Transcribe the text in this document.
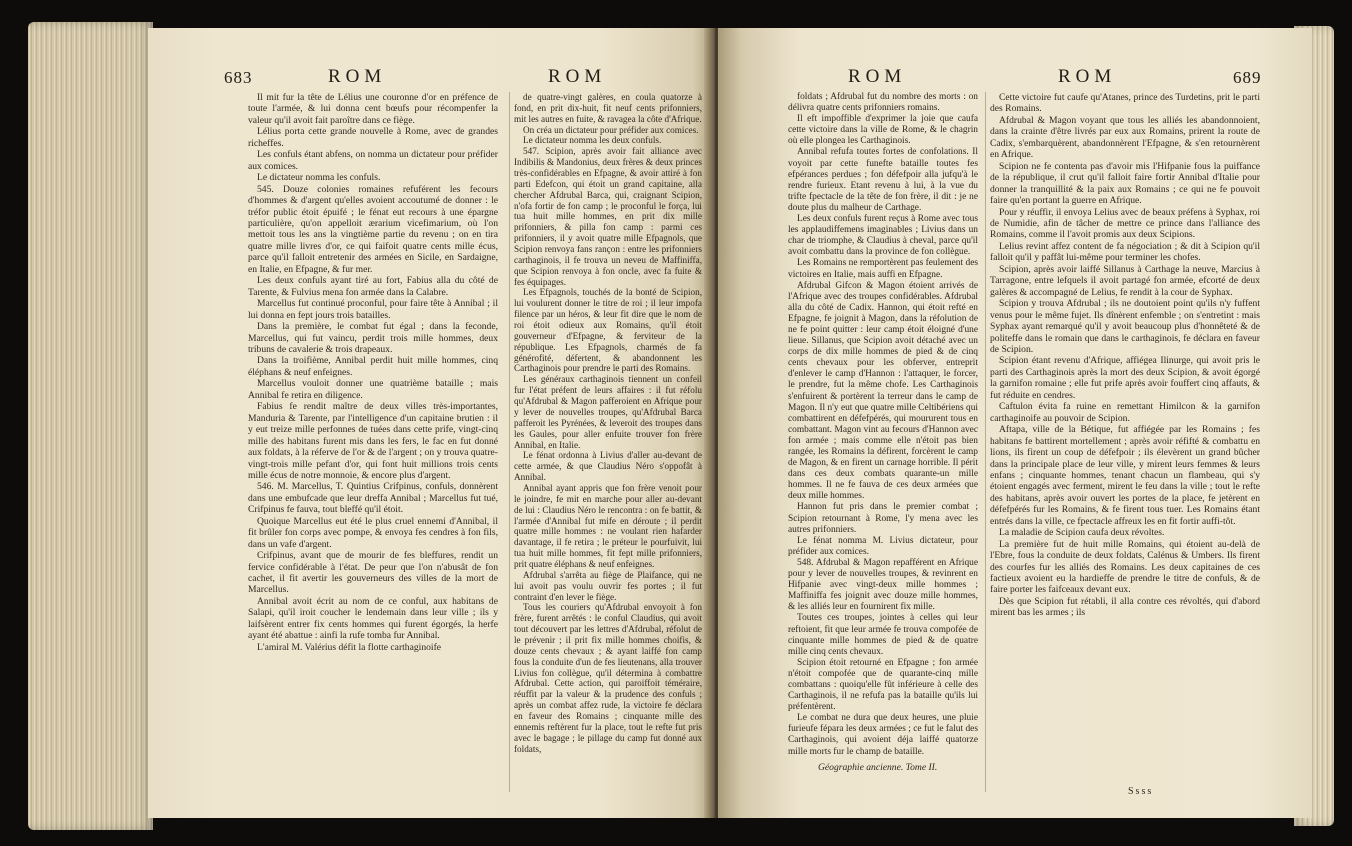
683	ROM	ROM

Il mit fur la tête de Lélius une couronne d'or en préfence de toute l'armée, & lui donna cent bœufs pour récompenfer la valeur qu'il avoit fait paroître dans ce fiège.

Lélius porta cette grande nouvelle à Rome, avec de grandes richeffes.

Les confuls étant abfens, on nomma un dictateur pour préfider aux comices.

Le dictateur nomma les confuls.

545. Douze colonies romaines refuférent les fecours d'hommes & d'argent qu'elles avoient accoutumé de donner : le tréfor public étoit épuifé ; le fénat eut recours à une épargne particulière, qu'on appelloit ærarium vicefimarium, où l'on mettoit tous les ans la vingtième partie du revenu ; on en tira quatre mille livres d'or, ce qui faifoit quatre cents mille écus, parce qu'il falloit entretenir des armées en Sicile, en Sardaigne, en Italie, en Efpagne, & fur mer.

Les deux confuls ayant tiré au fort, Fabius alla du côté de Tarente, & Fulvius mena fon armée dans la Calabre.

Marcellus fut continué proconful, pour faire tête à Annibal ; il lui donna en fept jours trois batailles.

Dans la première, le combat fut égal ; dans la feconde, Marcellus, qui fut vaincu, perdit trois mille hommes, deux tribuns de cavalerie & trois drapeaux.

Dans la troifième, Annibal perdit huit mille hommes, cinq éléphans & neuf enfeignes.

Marcellus vouloit donner une quatrième bataille ; mais Annibal fe retira en diligence.

Fabius fe rendit maître de deux villes très-importantes, Manduria & Tarente, par l'intelligence d'un capitaine brutien : il y eut treize mille perfonnes de tuées dans cette prife, vingt-cinq mille des habitans furent mis dans les fers, le fac en fut donné aux foldats, à la réferve de l'or & de l'argent ; on y trouva quatre-vingt-trois mille pefant d'or, qui font huit millions trois cents mille écus de notre monnoie, & encore plus d'argent.

546. M. Marcellus, T. Quintius Crifpinus, confuls, donnèrent dans une embufcade que leur dreffa Annibal ; Marcellus fut tué, Crifpinus fe fauva, tout bleffé qu'il étoit.

Quoique Marcellus eut été le plus cruel ennemi d'Annibal, il fit brûler fon corps avec pompe, & envoya fes cendres à fon fils, dans un vafe d'argent.

Crifpinus, avant que de mourir de fes bleffures, rendit un fervice confidérable à l'état. De peur que l'on n'abusât de fon cachet, il fit avertir les gouverneurs des villes de la mort de Marcellus.

Annibal avoit écrit au nom de ce conful, aux habitans de Salapi, qu'il iroit coucher le lendemain dans leur ville ; ils y laifsèrent entrer fix cents hommes qui furent égorgés, la herfe ayant été abattue : ainfi la rufe tomba fur Annibal.

L'amiral M. Valérius défit la flotte carthaginoife

de quatre-vingt galères, en coula quatorze à fond, en prit dix-huit, fit neuf cents prifonniers, mit les autres en fuite, & ravagea la côte d'Afrique.

On créa un dictateur pour préfider aux comices.

Le dictateur nomma les deux confuls.

547. Scipion, après avoir fait alliance avec Indibilis & Mandonius, deux frères & deux princes très-confidérables en Efpagne, & avoir attiré à fon parti Edefcon, qui étoit un grand capitaine, alla chercher Afdrubal Barca, qui, craignant Scipion, n'ofa fortir de fon camp ; le proconful le força, lui tua huit mille hommes, en prit dix mille prifonniers, & pilla fon camp : parmi ces prifonniers, il y avoit quatre mille Efpagnols, que Scipion renvoya fans rançon : entre les prifonniers carthaginois, il fe trouva un neveu de Maffiniffa, que Scipion renvoya à fon oncle, avec fa fuite & fes équipages.

Les Efpagnols, touchés de la bonté de Scipion, lui voulurent donner le titre de roi ; il leur impofa filence par un héros, & leur fit dire que le nom de roi étoit odieux aux Romains, qu'il étoit gouverneur d'Efpagne, & ferviteur de la république. Les Efpagnols, charmés de fa générofité, défertent, & abandonnent les Carthaginois pour prendre le parti des Romains.

Les généraux carthaginois tiennent un confeil fur l'état préfent de leurs affaires : il fut réfolu qu'Afdrubal & Magon pafferoient en Afrique pour y lever de nouvelles troupes, qu'Afdrubal Barca pafferoit les Pyrénées, & leveroit des troupes dans les Gaules, pour aller enfuite trouver fon frère Annibal, en Italie.

Le fénat ordonna à Livius d'aller au-devant de cette armée, & que Claudius Néro s'oppofât à Annibal.

Annibal ayant appris que fon frère venoit pour le joindre, fe mit en marche pour aller au-devant de lui : Claudius Néro le rencontra : on fe battit, & l'armée d'Annibal fut mife en déroute ; il perdit quatre mille hommes : ne voulant rien hafarder davantage, il fe retira ; le préteur le pourfuivit, lui tua huit mille hommes, fit fept mille prifonniers, prit quatre éléphans & neuf enfeignes.

Afdrubal s'arrêta au fiège de Plaifance, qui ne lui avoit pas voulu ouvrir fes portes ; il fut contraint d'en lever le fiège.

Tous les couriers qu'Afdrubal envoyoit à fon frère, furent arrêtés : le conful Claudius, qui avoit tout découvert par les lettres d'Afdrubal, réfolut de le prévenir ; il prit fix mille hommes choifis, & douze cents chevaux ; & ayant laiffé fon camp fous la conduite d'un de fes lieutenans, alla trouver Livius fon collègue, qu'il détermina à combattre Afdrubal. Cette action, qui paroiffoit téméraire, réuffit par la valeur & la prudence des confuls ; après un combat affez rude, la victoire fe déclara en faveur des Romains ; cinquante mille des ennemis reftèrent fur la place, tout le refte fut pris avec le bagage ; le pillage du camp fut donné aux foldats,

ROM	ROM	689

foldats ; Afdrubal fut du nombre des morts : on délivra quatre cents prifonniers romains.

Il eft impoffible d'exprimer la joie que caufa cette victoire dans la ville de Rome, & le chagrin où elle plongea les Carthaginois.

Annibal refufa toutes fortes de confolations. Il voyoit par cette funefte bataille toutes fes efpérances perdues ; fon défefpoir alla jufqu'à le rendre furieux. Etant revenu à lui, à la vue du trifte fpectacle de la tête de fon frère, il dit : je ne doute plus du malheur de Carthage.

Les deux confuls furent reçus à Rome avec tous les applaudiffemens imaginables ; Livius dans un char de triomphe, & Claudius à cheval, parce qu'il avoit combattu dans la province de fon collègue.

Les Romains ne remportèrent pas feulement des victoires en Italie, mais auffi en Efpagne.

Afdrubal Gifcon & Magon étoient arrivés de l'Afrique avec des troupes confidérables. Afdrubal alla du côté de Cadix. Hannon, qui étoit refté en Efpagne, fe joignit à Magon, dans la réfolution de ne fe point quitter : leur camp étoit éloigné d'une lieue. Sillanus, que Scipion avoit détaché avec un corps de dix mille hommes de pied & de cinq cents chevaux pour les obferver, entreprit d'enlever le camp d'Hannon : l'attaquer, le forcer, le prendre, fut la même chofe. Les Carthaginois s'enfuirent & portèrent la terreur dans le camp de Magon. Il n'y eut que quatre mille Celtibériens qui combattirent en défefpérés, qui moururent tous en combattant. Magon vint au fecours d'Hannon avec fon armée ; mais comme elle n'étoit pas bien rangée, les Romains la défirent, forcèrent le camp de Magon, & en firent un carnage horrible. Il périt dans ces deux combats quarante-un mille hommes. Il ne fe fauva de ces deux armées que deux mille hommes.

Hannon fut pris dans le premier combat ; Scipion retournant à Rome, l'y mena avec les autres prifonniers.

Le fénat nomma M. Livius dictateur, pour préfider aux comices.

548. Afdrubal & Magon repafférent en Afrique pour y lever de nouvelles troupes, & revinrent en Hifpanie avec vingt-deux mille hommes ; Maffiniffa fes joignit avec douze mille hommes, & les alliés leur en fournirent fix mille.

Toutes ces troupes, jointes à celles qui leur reftoient, fit que leur armée fe trouva compofée de cinquante mille hommes de pied & de quatre mille cinq cents chevaux.

Scipion étoit retourné en Efpagne ; fon armée n'étoit compofée que de quarante-cinq mille combattans : quoiqu'elle fût inférieure à celle des Carthaginois, il ne refufa pas la bataille qu'ils lui préfentèrent.

Le combat ne dura que deux heures, une pluie furieufe fépara les deux armées ; ce fut le falut des Carthaginois, qui avoient déja laiffé quatorze mille morts fur le champ de bataille.

Cette victoire fut caufe qu'Atanes, prince des Turdetins, prit le parti des Romains.

Afdrubal & Magon voyant que tous les alliés les abandonnoient, dans la crainte d'être livrés par eux aux Romains, prirent la route de Cadix, s'embarquèrent, abandonnèrent l'Efpagne, & s'en retournèrent en Afrique.

Scipion ne fe contenta pas d'avoir mis l'Hifpanie fous la puiffance de la république, il crut qu'il falloit faire fortir Annibal d'Italie pour donner la tranquillité & la paix aux Romains ; ce qui ne fe pouvoit faire qu'en portant la guerre en Afrique.

Pour y réuffir, il envoya Lelius avec de beaux préfens à Syphax, roi de Numidie, afin de tâcher de mettre ce prince dans l'alliance des Romains, comme il l'avoit promis aux deux Scipions.

Lelius revint affez content de fa négociation ; & dit à Scipion qu'il falloit qu'il y paffât lui-même pour terminer les chofes.

Scipion, après avoir laiffé Sillanus à Carthage la neuve, Marcius à Tarragone, entre lefquels il avoit partagé fon armée, efcorté de deux galères & accompagné de Lelius, fe rendit à la cour de Syphax.

Scipion y trouva Afdrubal ; ils ne doutoient point qu'ils n'y fuffent venus pour le même fujet. Ils dînèrent enfemble ; on s'entretint : mais Syphax ayant remarqué qu'il y avoit beaucoup plus d'honnêteté & de politeffe dans le romain que dans le carthaginois, fe déclara en faveur de Scipion.

Scipion étant revenu d'Afrique, affiégea Ilinurge, qui avoit pris le parti des Carthaginois après la mort des deux Scipion, & avoit égorgé la garnifon romaine ; elle fut prife après avoir fouffert cinq affauts, & fut réduite en cendres.

Caftulon évita fa ruine en remettant Himilcon & la garnifon carthaginoife au pouvoir de Scipion.

Aftapa, ville de la Bétique, fut affiégée par les Romains ; fes habitans fe battirent mortellement ; après avoir réfifté & combattu en lions, ils firent un coup de défefpoir ; ils élevèrent un grand bûcher dans la principale place de leur ville, y mirent leurs femmes & leurs enfans ; cinquante hommes, tenant chacun un flambeau, qui s'y étoient engagés avec ferment, mirent le feu dans la ville ; tout le refte des habitans, après avoir ouvert les portes de la place, fe jetèrent en défefpérés fur les Romains, & fe firent tous tuer. Les Romains étant entrés dans la ville, ce fpectacle affreux les en fit fortir auffi-tôt.

La maladie de Scipion caufa deux révoltes.

La première fut de huit mille Romains, qui étoient au-delà de l'Ebre, fous la conduite de deux foldats, Calénus & Umbers. Ils firent des courfes fur les alliés des Romains. Les deux capitaines de ces factieux avoient eu la hardieffe de prendre le titre de confuls, & de faire porter les faifceaux devant eux.

Dès que Scipion fut rétabli, il alla contre ces révoltés, qui d'abord mirent bas les armes ; ils

Géographie ancienne. Tome II.
Ssss
